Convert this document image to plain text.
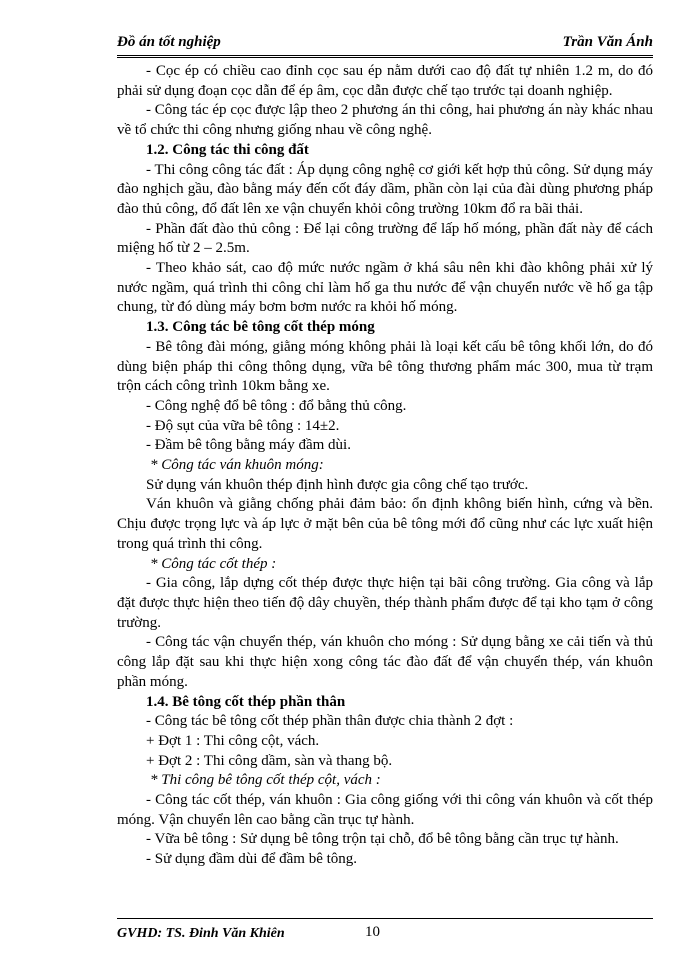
Đồ án tốt nghiệp	Trần Văn Ánh

- Cọc ép có chiều cao đỉnh cọc sau ép nằm dưới cao độ đất tự nhiên 1.2 m, do đó phải sử dụng đoạn cọc dẫn để ép âm, cọc dẫn được chế tạo trước tại doanh nghiệp.

- Công tác ép cọc được lập theo 2 phương án thi công, hai phương án này khác nhau về tổ chức thi công nhưng giống nhau về công nghệ.

1.2. Công tác thi công đất

- Thi công công tác đất : Áp dụng công nghệ cơ giới kết hợp thủ công. Sử dụng máy đào nghịch gầu, đào bằng máy đến cốt đáy dầm, phần còn lại của đài dùng phương pháp đào thủ công, đổ đất lên xe vận chuyển khỏi công trường 10km đổ ra bãi thải.

- Phần đất đào thủ công : Để lại công trường để lấp hố móng, phần đất này để cách miệng hố từ 2 – 2.5m.

- Theo khảo sát, cao độ mức nước ngầm ở khá sâu nên khi đào không phải xử lý nước ngầm, quá trình thi công chỉ làm hố ga thu nước để vận chuyển nước về hố ga tập chung, từ đó dùng máy bơm bơm nước ra khỏi hố móng.

1.3. Công tác bê tông cốt thép móng

- Bê tông đài móng, giằng móng không phải là loại kết cấu bê tông khối lớn, do đó dùng biện pháp thi công thông dụng, vữa bê tông thương phẩm mác 300, mua từ trạm trộn cách công trình 10km bằng xe.

- Công nghệ đổ bê tông : đổ bằng thủ công.

- Độ sụt của vữa bê tông : 14±2.

- Đầm bê tông bằng máy đầm dùi.

* Công tác ván khuôn móng:

Sử dụng ván khuôn thép định hình được gia công chế tạo trước.

Ván khuôn và giằng chống phải đảm bảo: ổn định không biến hình, cứng và bền. Chịu được trọng lực và áp lực ở mặt bên của bê tông mới đổ cũng như các lực xuất hiện trong quá trình thi công.

* Công tác cốt thép :

- Gia công, lắp dựng cốt thép được thực hiện tại bãi công trường. Gia công và lắp đặt được thực hiện theo tiến độ dây chuyền, thép thành phẩm được để tại kho tạm ở công trường.

- Công tác vận chuyển thép, ván khuôn cho móng : Sử dụng bằng xe cải tiến và thủ công lắp đặt sau khi thực hiện xong công tác đào đất để vận chuyển thép, ván khuôn phần móng.

1.4. Bê tông cốt thép phần thân

- Công tác bê tông cốt thép phần thân được chia thành 2 đợt :

+ Đợt 1 : Thi công cột, vách.

+ Đợt 2 : Thi công dầm, sàn và thang bộ.

* Thi công bê tông cốt thép cột, vách :

- Công tác cốt thép, ván khuôn : Gia công giống với thi công ván khuôn và cốt thép móng. Vận chuyển lên cao bằng cần trục tự hành.

- Vữa bê tông : Sử dụng bê tông trộn tại chỗ, đổ bê tông bằng cần trục tự hành.

- Sử dụng đầm dùi để đầm bê tông.

GVHD: TS. Đinh Văn Khiên	10
